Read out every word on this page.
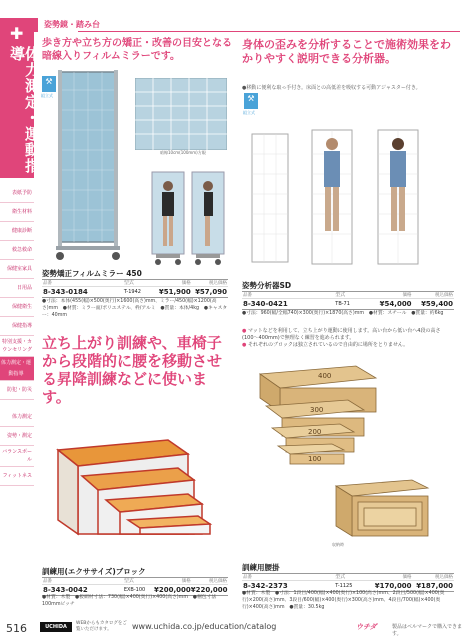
✚
体力測定・運動指導
表紙予防
衛生材料
健康診断
救急救命
保健室家具
日用品
保健衛生
保健指導
特別支援・カウンセリング
体力測定・運動指導
防犯・防災
体力測定
姿勢・測定
バランスボール
フィットネス
姿勢鏡・踏み台
歩き方や立ち方の矯正・改善の目安となる暗線入りフィルムミラーです。
⚒
組立式
暗線10cm(100mm)方眼
姿勢矯正フィルムミラー 450
品番	型式	価格	税込価格
8-343-0184	T-1942	¥51,900 ¥57,090
●寸法：本体(455(幅)×500(奥行)×1600(高さ)mm、ミラー/450(幅)×1200(高さ)mm　●材質：ミラー面/ポリエステル、枠/アルミ　●質量：本体/4kg　●キャスター：40mm
身体の歪みを分析することで施術効果をわかりやすく説明できる分析器。
●移動に便利な取っ手付き。床面との高低差を吸収する可動アジャスター付き。
⚒
組立式
姿勢分析器SD
品番	型式	価格	税込価格
8-340-0421	TB-71	¥54,000	¥59,400
●寸法：960(幅/全幅740)×300(奥行)×1870(高さ)mm　●材質：スチール　●質量：約6kg
立ち上がり訓練や、車椅子から段階的に腰を移動させる昇降訓練などに使います。
● マットなどを利用して、立ち上がり運動に使用します。高い台から低い台へ4段の高さ(100〜400mm)で無理なく練習を進められます。
● それぞれのブロックは独立されているので自由的に場所をとりません。
400
300
200
100
収納時
訓練用(エクササイズ)ブロック
品番	型式	価格	税込価格
8-343-0042	EXB-100	¥200,000 ¥220,000
●材質：木製　●板網材寸法：730(幅)×400(奥行)×400(高さ)mm　●梱包寸法100mmピッチ
訓練用腰掛
品番	型式	価格	税込価格
8-342-2373	T-1125	¥170,000 ¥187,000
●材質：木製　●寸法：1段目/400(幅)×400(奥行)×100(高さ)mm、2段目/500(幅)×400(奥行)×200(高さ)mm、3段目/600(幅)×400(奥行)×300(高さ)mm、4段目/700(幅)×400(奥行)×400(高さ)mm　●質量：30.5kg
516	UCHIDA
WEBからもカタログをご覧いただけます。	www.uchida.co.jp/education/catalog	ウチダ	製品はベルマークで購入できます。
